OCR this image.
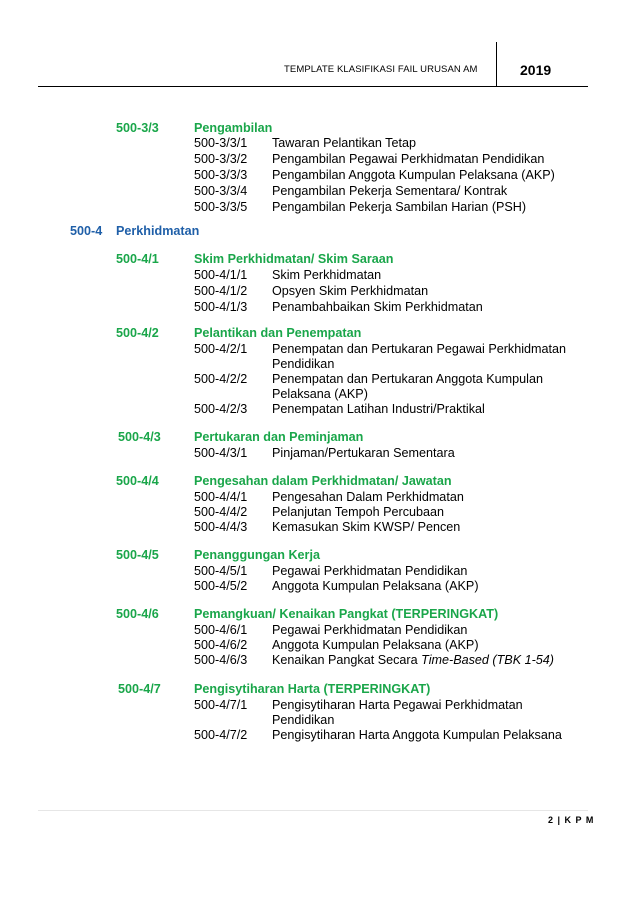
TEMPLATE KLASIFIKASI FAIL URUSAN AM	2019
500-3/3	Pengambilan
500-3/3/1 Tawaran Pelantikan Tetap
500-3/3/2 Pengambilan Pegawai Perkhidmatan Pendidikan
500-3/3/3 Pengambilan Anggota Kumpulan Pelaksana (AKP)
500-3/3/4 Pengambilan Pekerja Sementara/ Kontrak
500-3/3/5 Pengambilan Pekerja Sambilan Harian (PSH)
500-4 Perkhidmatan
500-4/1	Skim Perkhidmatan/ Skim Saraan
500-4/1/1 Skim Perkhidmatan
500-4/1/2 Opsyen Skim Perkhidmatan
500-4/1/3 Penambahbaikan Skim Perkhidmatan
500-4/2	Pelantikan dan Penempatan
500-4/2/1 Penempatan dan Pertukaran Pegawai Perkhidmatan
Pendidikan
500-4/2/2 Penempatan dan Pertukaran Anggota Kumpulan
Pelaksana (AKP)
500-4/2/3 Penempatan Latihan Industri/Praktikal
500-4/3	Pertukaran dan Peminjaman
500-4/3/1 Pinjaman/Pertukaran Sementara
500-4/4	Pengesahan dalam Perkhidmatan/ Jawatan
500-4/4/1 Pengesahan Dalam Perkhidmatan
500-4/4/2 Pelanjutan Tempoh Percubaan
500-4/4/3 Kemasukan Skim KWSP/ Pencen
500-4/5	Penanggungan Kerja
500-4/5/1 Pegawai Perkhidmatan Pendidikan
500-4/5/2 Anggota Kumpulan Pelaksana (AKP)
500-4/6	Pemangkuan/ Kenaikan Pangkat (TERPERINGKAT)
500-4/6/1 Pegawai Perkhidmatan Pendidikan
500-4/6/2 Anggota Kumpulan Pelaksana (AKP)
500-4/6/3 Kenaikan Pangkat Secara Time-Based (TBK 1-54)
500-4/7	Pengisytiharan Harta (TERPERINGKAT)
500-4/7/1 Pengisytiharan Harta Pegawai Perkhidmatan
Pendidikan
500-4/7/2 Pengisytiharan Harta Anggota Kumpulan Pelaksana
2 | K P M
